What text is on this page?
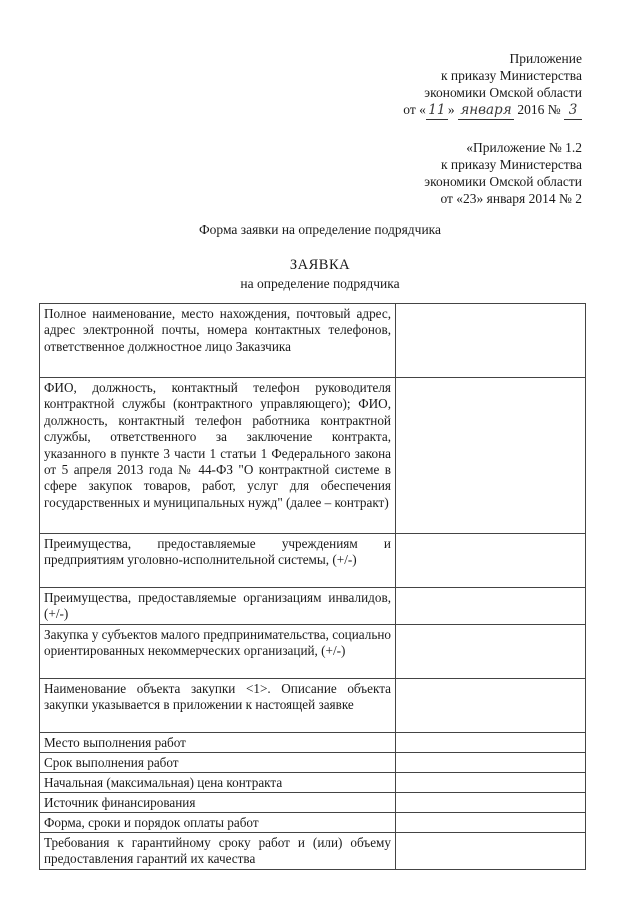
Приложение
к приказу Министерства
экономики Омской области
от « 11 » января 2016 № 3
«Приложение № 1.2
к приказу Министерства
экономики Омской области
от «23» января 2014 № 2
Форма заявки на определение подрядчика
ЗАЯВКА
на определение подрядчика
Полное наименование, место нахождения, почтовый адрес, адрес электронной почты, номера контактных телефонов, ответственное должностное лицо Заказчика
ФИО, должность, контактный телефон руководителя контрактной службы (контрактного управляющего); ФИО, должность, контактный телефон работника контрактной службы, ответственного за заключение контракта, указанного в пункте 3 части 1 статьи 1 Федерального закона от 5 апреля 2013 года № 44-ФЗ "О контрактной системе в сфере закупок товаров, работ, услуг для обеспечения государственных и муниципальных нужд" (далее – контракт)
Преимущества, предоставляемые учреждениям и предприятиям уголовно-исполнительной системы, (+/-)
Преимущества, предоставляемые организациям инвалидов, (+/-)
Закупка у субъектов малого предпринимательства, социально ориентированных некоммерческих организаций, (+/-)
Наименование объекта закупки <1>. Описание объекта закупки указывается в приложении к настоящей заявке
Место выполнения работ
Срок выполнения работ
Начальная (максимальная) цена контракта
Источник финансирования
Форма, сроки и порядок оплаты работ
Требования к гарантийному сроку работ и (или) объему предоставления гарантий их качества
